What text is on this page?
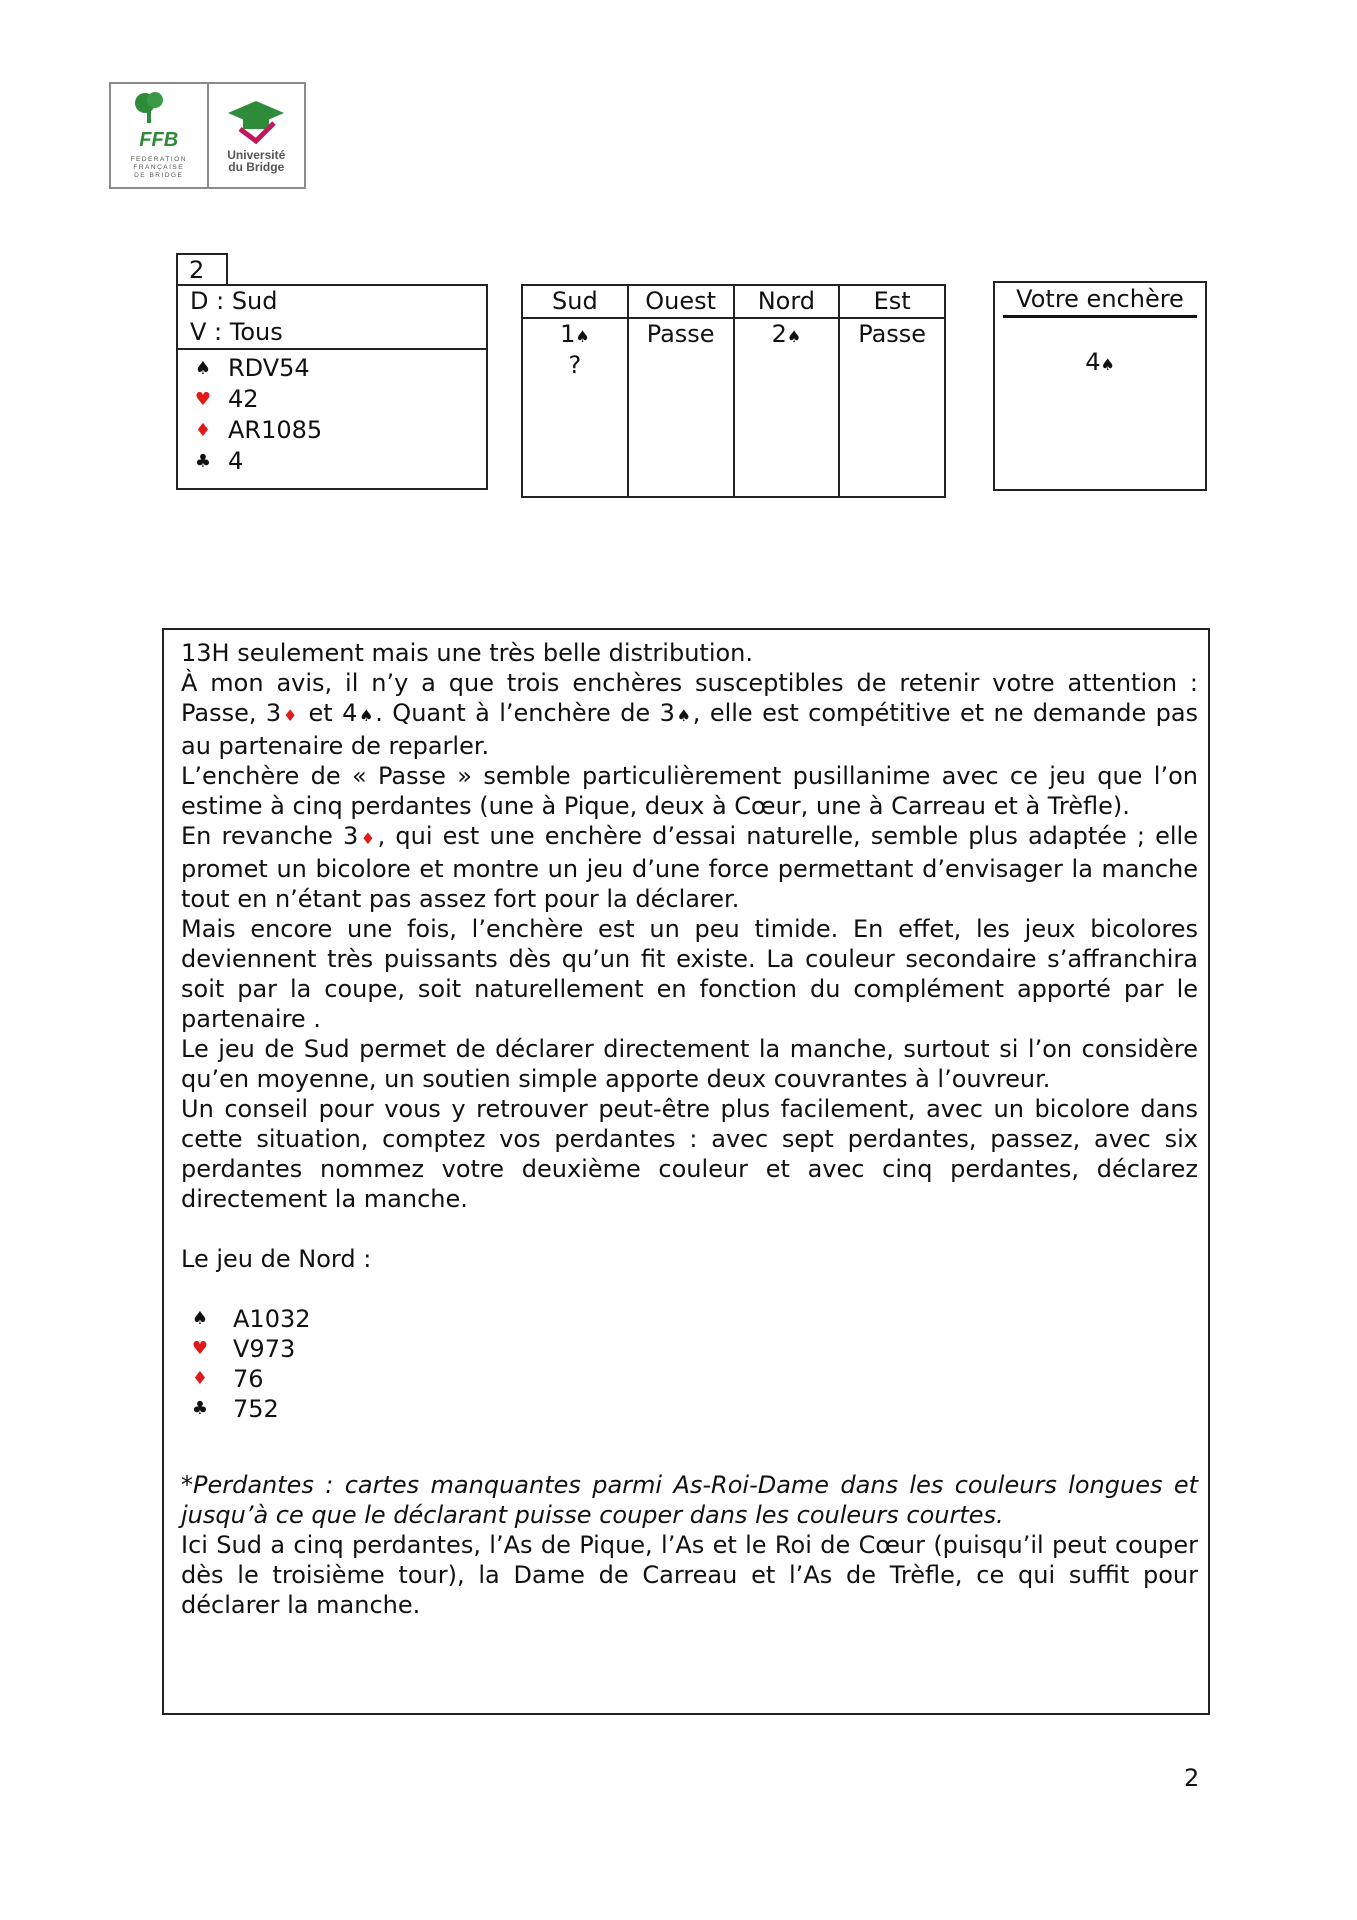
FFB
FEDERATION
FRANÇAISE
DE BRIDGE
Université
du Bridge
2
D : Sud
V : Tous
♠ RDV54
♥ 42
♦ AR1085
♣ 4
Sud
1♠
?
Ouest
Passe
Nord
2♠
Est
Passe
Votre enchère
4♠

13H seulement mais une très belle distribution.

À mon avis, il n’y a que trois enchères susceptibles de retenir votre attention : Passe, 3♦ et 4♠. Quant à l’enchère de 3♠, elle est compétitive et ne demande pas au partenaire de reparler.

L’enchère de « Passe » semble particulièrement pusillanime avec ce jeu que l’on estime à cinq perdantes (une à Pique, deux à Cœur, une à Carreau et à Trèfle).

En revanche 3♦, qui est une enchère d’essai naturelle, semble plus adaptée ; elle promet un bicolore et montre un jeu d’une force permettant d’envisager la manche tout en n’étant pas assez fort pour la déclarer.

Mais encore une fois, l’enchère est un peu timide. En effet, les jeux bicolores deviennent très puissants dès qu’un fit existe. La couleur secondaire s’affranchira soit par la coupe, soit naturellement en fonction du complément apporté par le partenaire .

Le jeu de Sud permet de déclarer directement la manche, surtout si l’on considère qu’en moyenne, un soutien simple apporte deux couvrantes à l’ouvreur.

Un conseil pour vous y retrouver peut-être plus facilement, avec un bicolore dans cette situation, comptez vos perdantes : avec sept perdantes, passez, avec six perdantes nommez votre deuxième couleur et avec cinq perdantes, déclarez directement la manche.

Le jeu de Nord :

♠ A1032
♥ V973
♦ 76
♣ 752

*Perdantes : cartes manquantes parmi As-Roi-Dame dans les couleurs longues et jusqu’à ce que le déclarant puisse couper dans les couleurs courtes.

Ici Sud a cinq perdantes, l’As de Pique, l’As et le Roi de Cœur (puisqu’il peut couper dès le troisième tour), la Dame de Carreau et l’As de Trèfle, ce qui suffit pour déclarer la manche.

2
